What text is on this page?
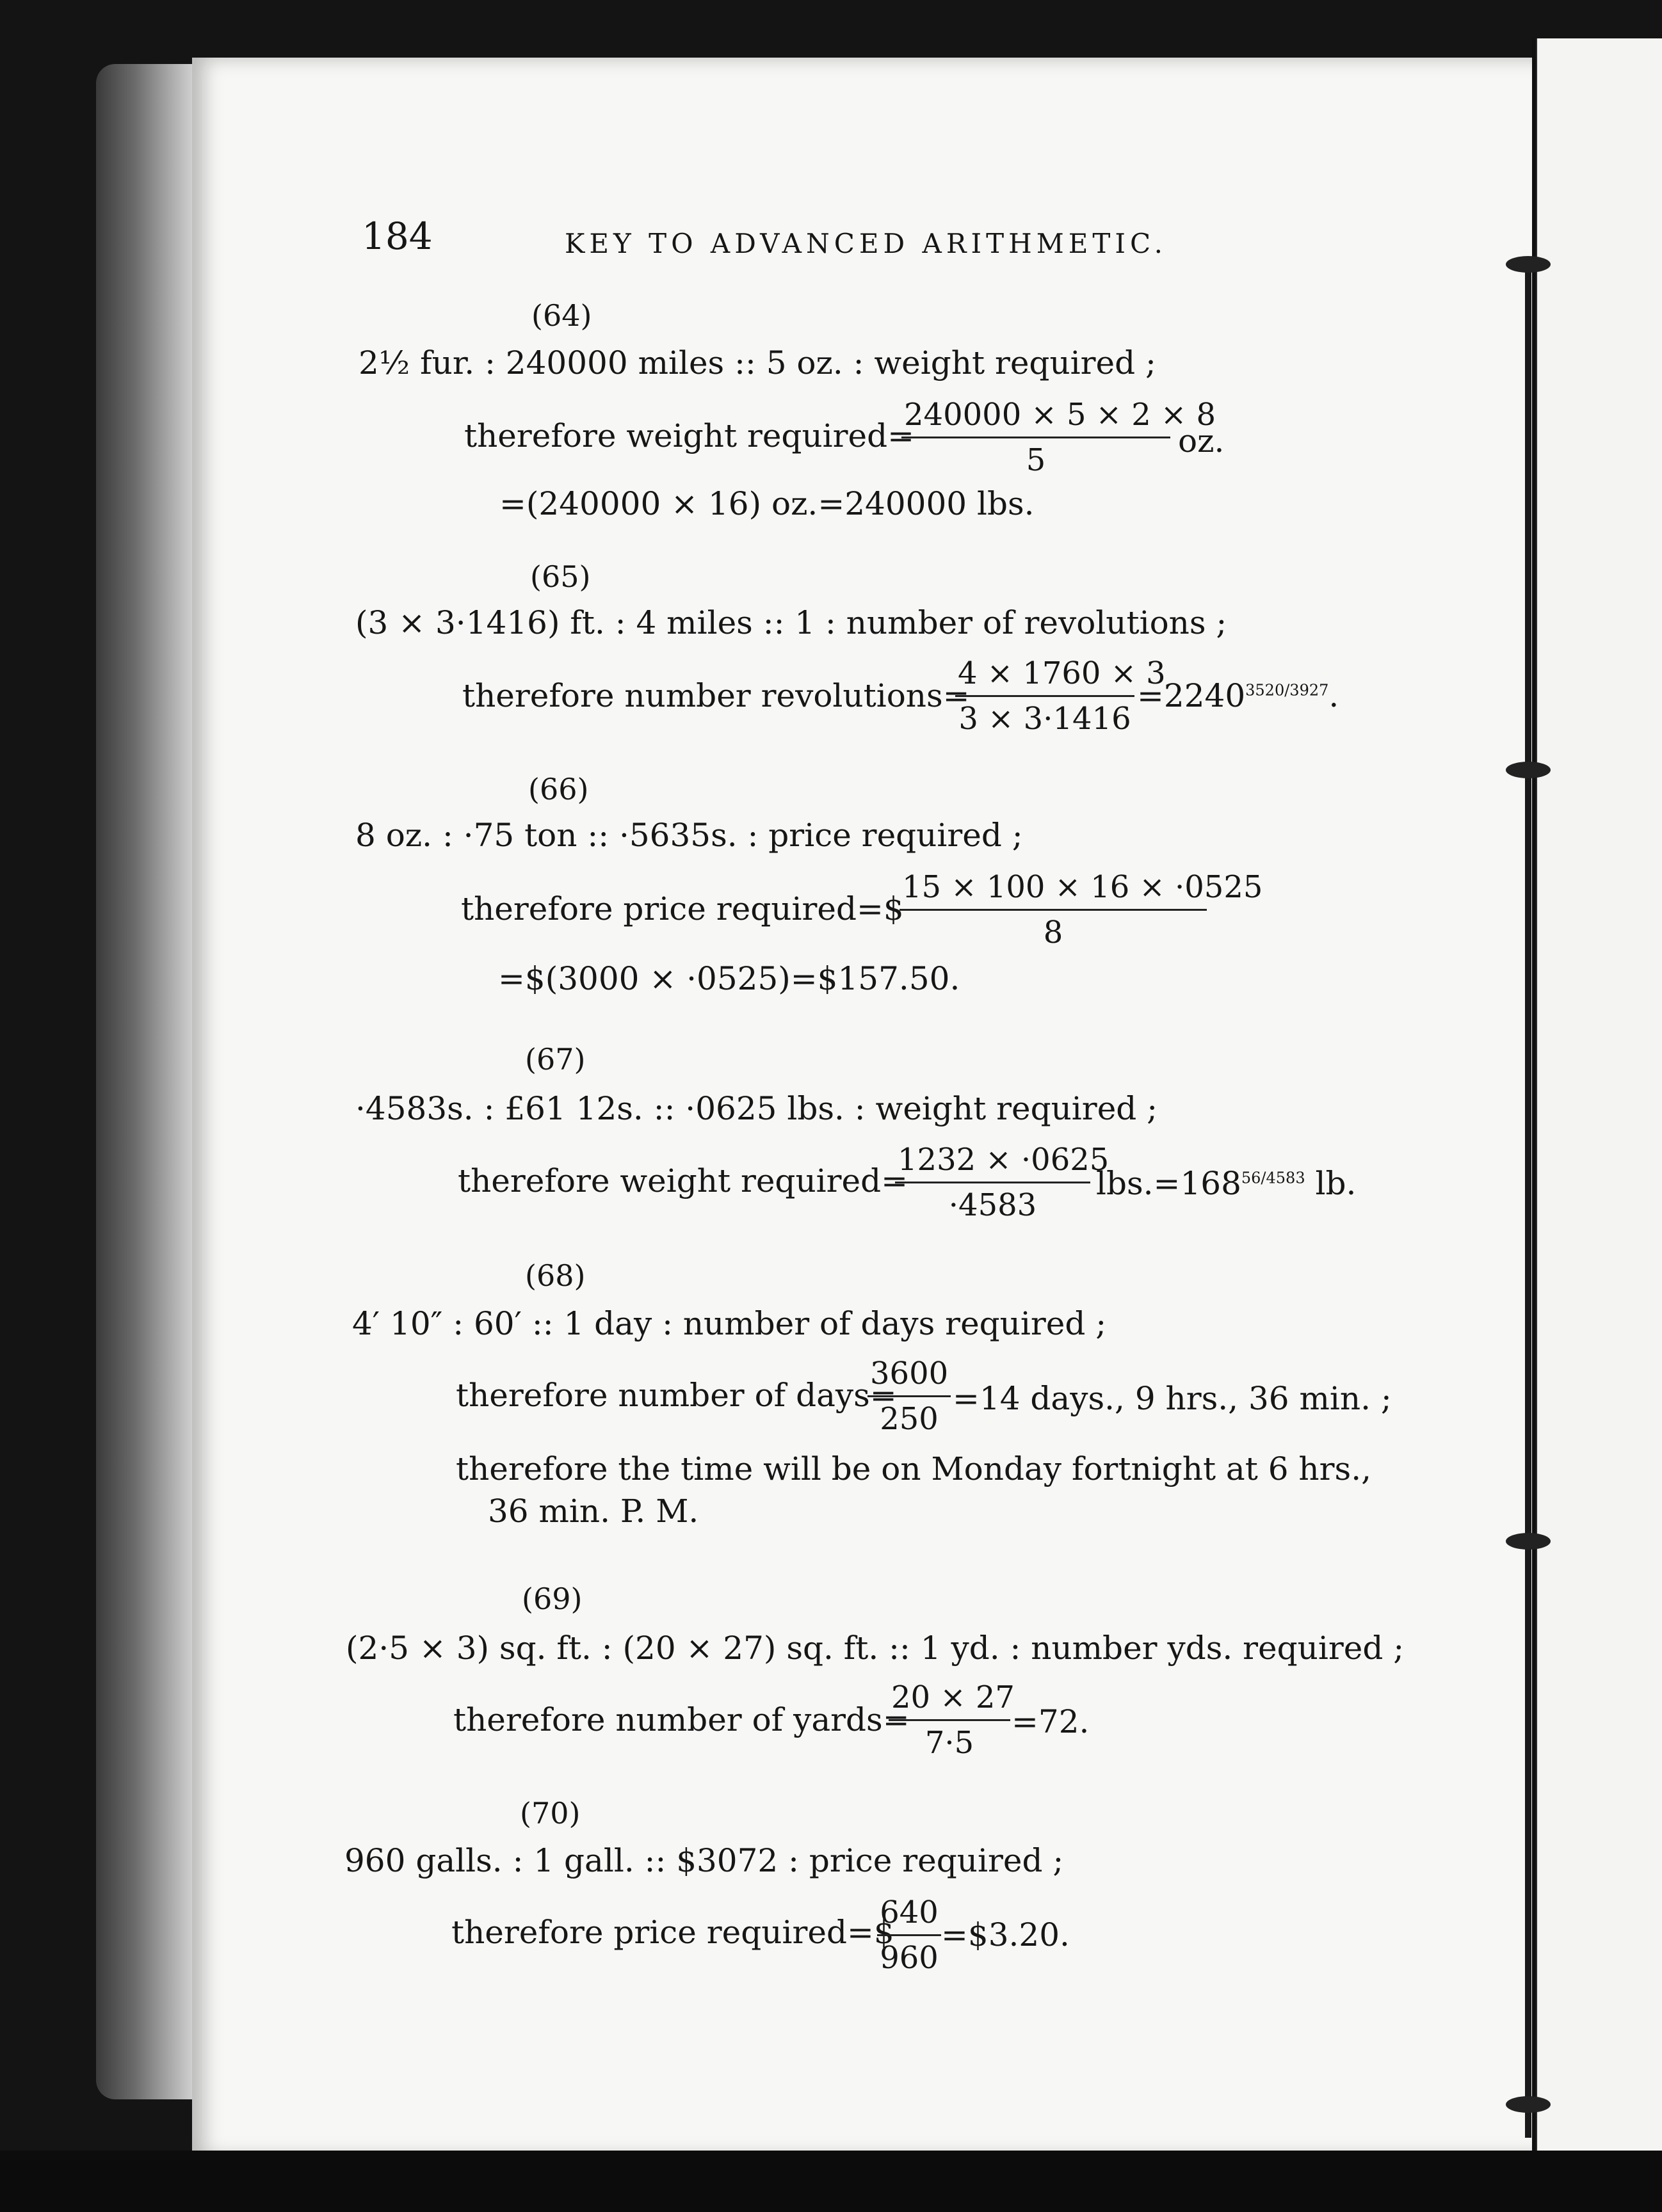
184	KEY TO ADVANCED ARITHMETIC.
(64)
2½ fur. : 240000 miles :: 5 oz. : weight required ;
therefore weight required=
$\frac{240000 \times 5 \times 2 \times 8}{5}$ oz.
=(240000 × 16) oz.=240000 lbs.
(65)
(3 × 3·1416) ft. : 4 miles :: 1 : number of revolutions ;
therefore number revolutions=
$\frac{4 \times 1760 \times 3}{3 \times 3\cdot 1416} =2240^{3520/3927}$.
(66)
8 oz. : ·75 ton :: ·5635s. : price required ;
therefore price required=$
$\frac{15 \times 100 \times 16 \times \cdot 0525}{8}$
=$(3000 × ·0525)=$157.50.
(67)
·4583s. : £61 12s. :: ·0625 lbs. : weight required ;
therefore weight required=
$\frac{1232 \times \cdot 0625}{\cdot 4583} lbs.=168^{56/4583}$ lb.
(68)
4′ 10″ : 60′ :: 1 day : number of days required ;
therefore number of days=
$\frac{3600}{250} =14$ days., 9 hrs., 36 min. ;
therefore the time will be on Monday fortnight at 6 hrs.,
36 min. P. M.
(69)
(2·5 × 3) sq. ft. : (20 × 27) sq. ft. :: 1 yd. : number yds. required ;
therefore number of yards=
$\frac{20 \times 27}{7\cdot 5} =72$.
(70)
960 galls. : 1 gall. :: $3072 : price required ;
therefore price required=$
$\frac{640}{960}$ =$3.20.
